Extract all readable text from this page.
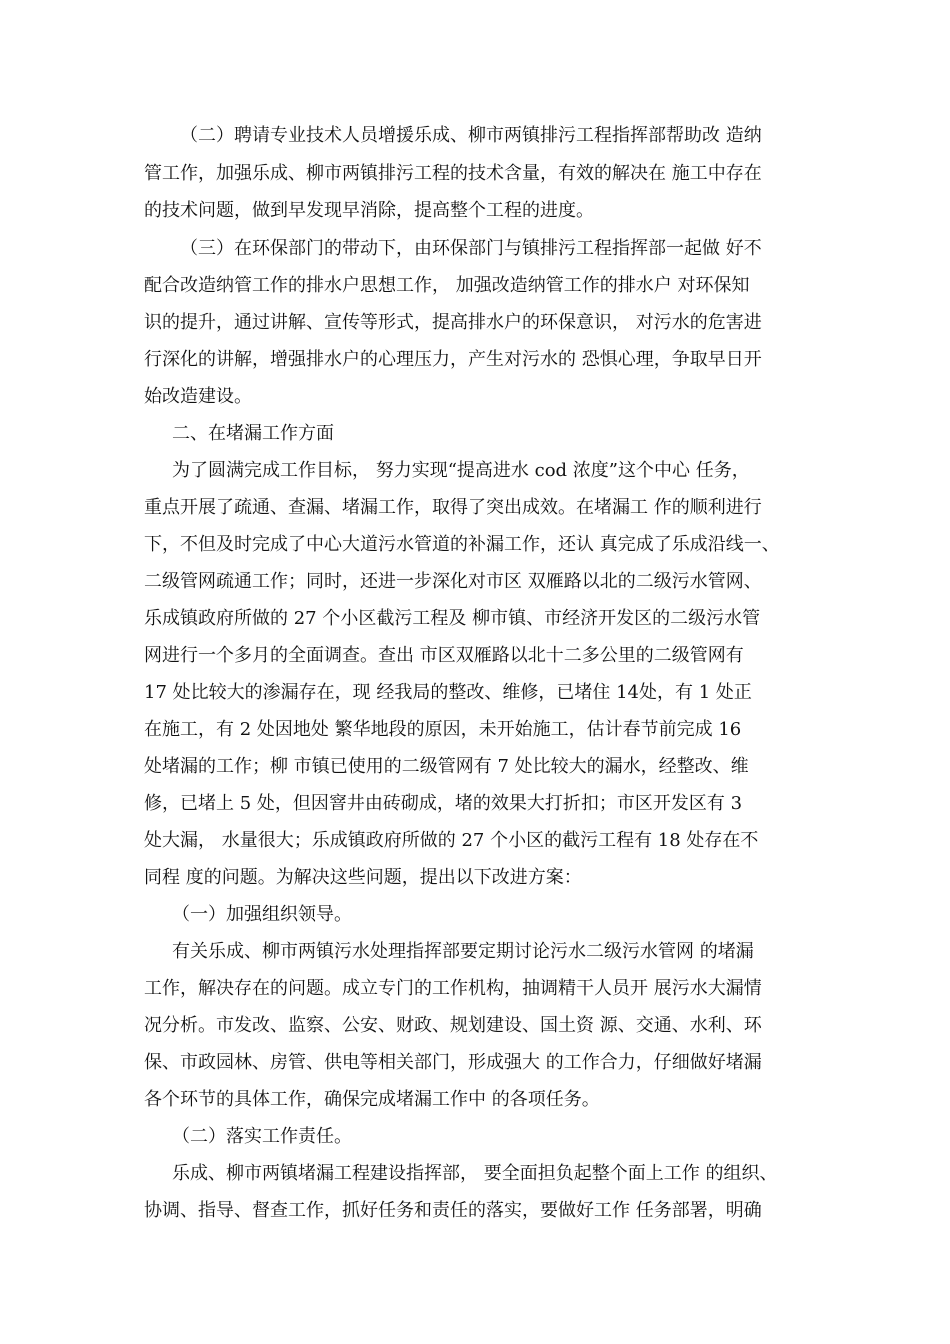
（二）聘请专业技术人员增援乐成、柳市两镇排污工程指挥部帮助改 造纳
管工作，加强乐成、柳市两镇排污工程的技术含量，有效的解决在 施工中存在
的技术问题，做到早发现早消除，提高整个工程的进度。
（三）在环保部门的带动下，由环保部门与镇排污工程指挥部一起做 好不
配合改造纳管工作的排水户思想工作， 加强改造纳管工作的排水户 对环保知
识的提升，通过讲解、宣传等形式，提高排水户的环保意识， 对污水的危害进
行深化的讲解，增强排水户的心理压力，产生对污水的 恐惧心理，争取早日开
始改造建设。
二、在堵漏工作方面
为了圆满完成工作目标， 努力实现“提高进水 cod 浓度”这个中心 任务，
重点开展了疏通、查漏、堵漏工作，取得了突出成效。在堵漏工 作的顺利进行
下，不但及时完成了中心大道污水管道的补漏工作，还认 真完成了乐成沿线一、
二级管网疏通工作；同时，还进一步深化对市区 双雁路以北的二级污水管网、
乐成镇政府所做的 27 个小区截污工程及 柳市镇、市经济开发区的二级污水管
网进行一个多月的全面调查。查出 市区双雁路以北十二多公里的二级管网有
17 处比较大的渗漏存在，现 经我局的整改、维修，已堵住 14处，有 1 处正
在施工，有 2 处因地处 繁华地段的原因，未开始施工，估计春节前完成 16
处堵漏的工作；柳 市镇已使用的二级管网有 7 处比较大的漏水，经整改、维
修，已堵上 5 处，但因窨井由砖砌成，堵的效果大打折扣；市区开发区有 3
处大漏， 水量很大；乐成镇政府所做的 27 个小区的截污工程有 18 处存在不
同程 度的问题。为解决这些问题，提出以下改进方案：
（一）加强组织领导。
有关乐成、柳市两镇污水处理指挥部要定期讨论污水二级污水管网 的堵漏
工作，解决存在的问题。成立专门的工作机构，抽调精干人员开 展污水大漏情
况分析。市发改、监察、公安、财政、规划建设、国土资 源、交通、水利、环
保、市政园林、房管、供电等相关部门，形成强大 的工作合力，仔细做好堵漏
各个环节的具体工作，确保完成堵漏工作中 的各项任务。
（二）落实工作责任。
乐成、柳市两镇堵漏工程建设指挥部， 要全面担负起整个面上工作 的组织、
协调、指导、督查工作，抓好任务和责任的落实，要做好工作 任务部署，明确
